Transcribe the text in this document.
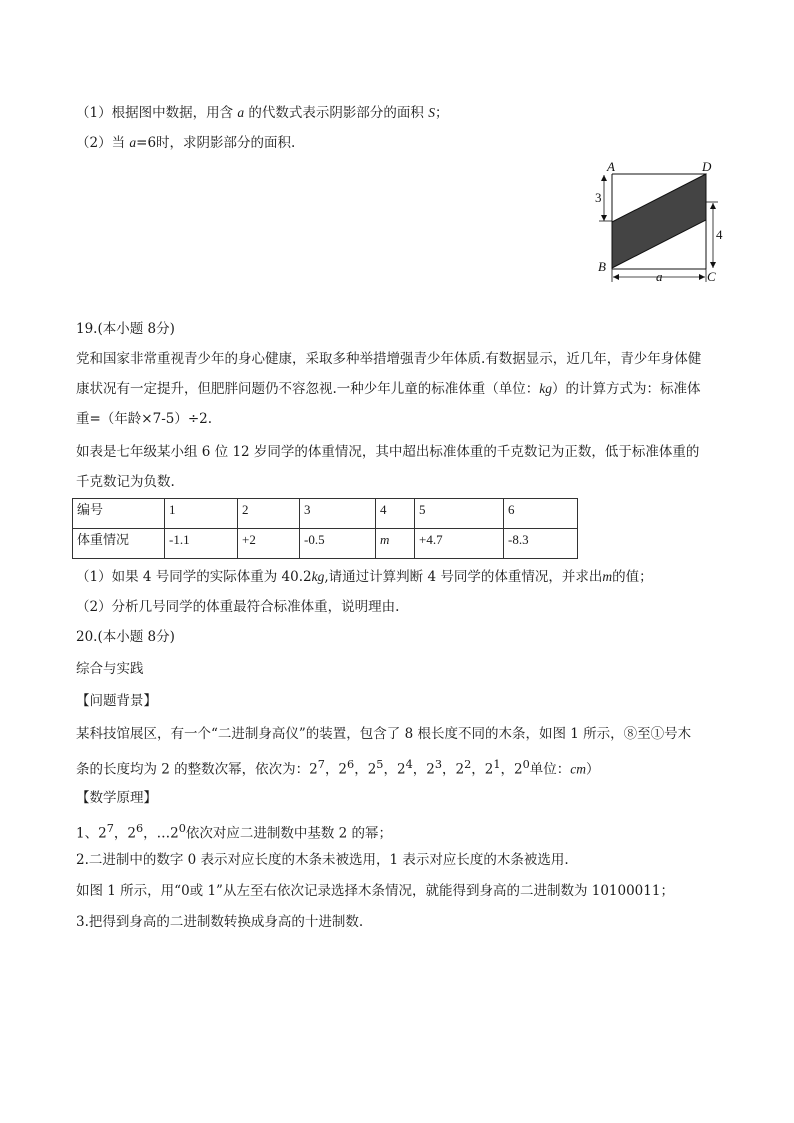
（1）根据图中数据，用含 a 的代数式表示阴影部分的面积 S；
（2）当 a=6时，求阴影部分的面积.
A	D
B
C
3
4
a
19.(本小题 8分)
党和国家非常重视青少年的身心健康，采取多种举措增强青少年体质.有数据显示，近几年，青少年身体健
康状况有一定提升，但肥胖问题仍不容忽视.一种少年儿童的标准体重（单位：kg）的计算方式为：标准体
重=（年龄×7-5）÷2.
如表是七年级某小组 6 位 12 岁同学的体重情况，其中超出标准体重的千克数记为正数，低于标准体重的
千克数记为负数.
编号	1	2	3	4	5	6
体重情况	-1.1	+2	-0.5	m	+4.7	-8.3
（1）如果 4 号同学的实际体重为 40.2kg,请通过计算判断 4 号同学的体重情况，并求出m的值；
（2）分析几号同学的体重最符合标准体重，说明理由.
20.(本小题 8分)
综合与实践
【问题背景】
某科技馆展区，有一个“二进制身高仪”的装置，包含了 8 根长度不同的木条，如图 1 所示，⑧至①号木
条的长度均为 2 的整数次幂，依次为：$2^7$，$2^6$，$2^5$，$2^4$，$2^3$，$2^2$，$2^1$，$2^0$单位：cm）
【数学原理】
1、$2^7$，$2^6$，$\dots 2^0$依次对应二进制数中基数 2 的幂；
2.二进制中的数字 0 表示对应长度的木条未被选用，1 表示对应长度的木条被选用.
如图 1 所示，用“0或 1”从左至右依次记录选择木条情况，就能得到身高的二进制数为 10100011；
3.把得到身高的二进制数转换成身高的十进制数.
